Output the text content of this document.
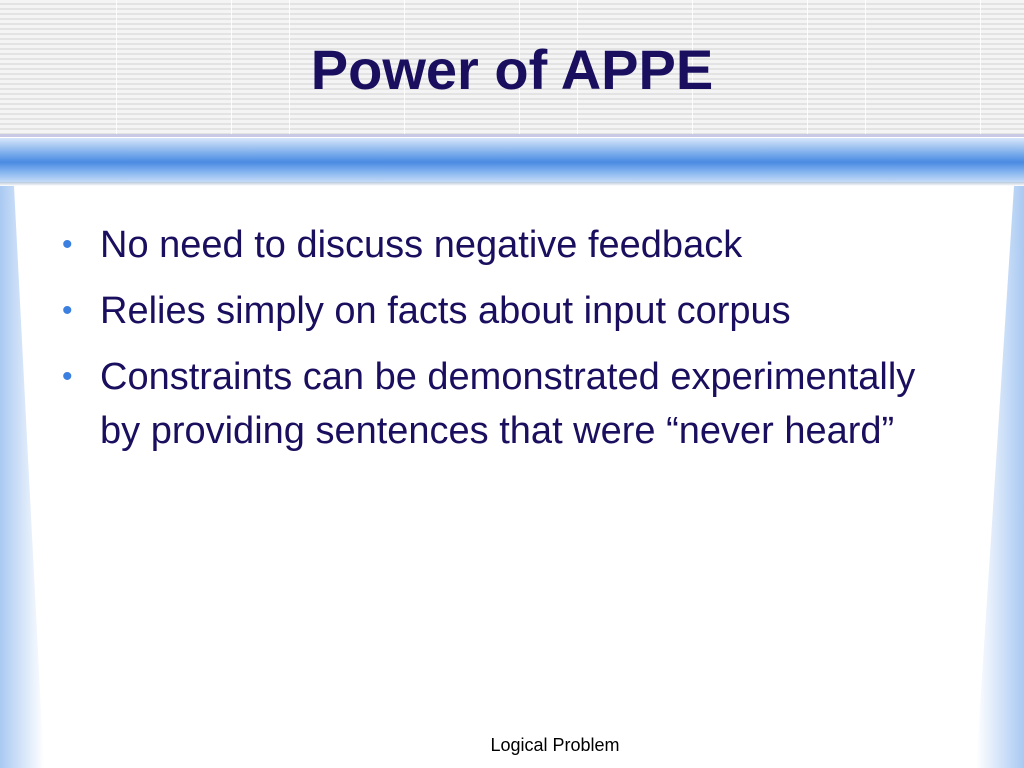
Power of APPE
• No need to discuss negative feedback
• Relies simply on facts about input corpus
• Constraints can be demonstrated experimentally by providing sentences that were “never heard”
Logical Problem
